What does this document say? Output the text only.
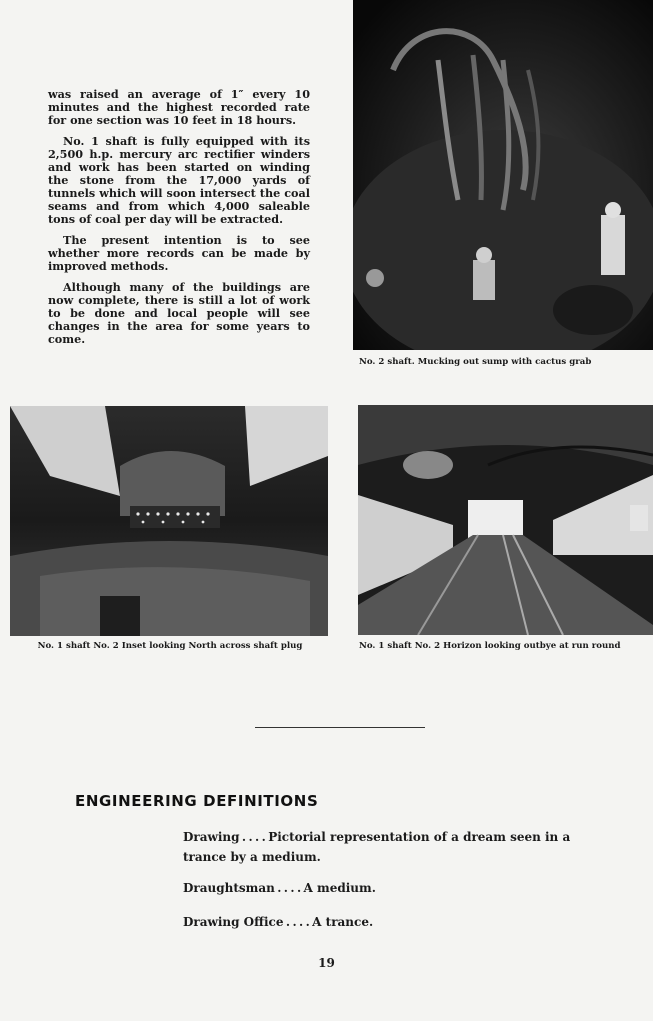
was raised an average of 1″ every 10 minutes and the highest recorded rate for one section was 10 feet in 18 hours.

No. 1 shaft is fully equipped with its 2,500 h.p. mercury arc rectifier winders and work has been started on winding the stone from the 17,000 yards of tunnels which will soon intersect the coal seams and from which 4,000 saleable tons of coal per day will be extracted.

The present intention is to see whether more records can be made by improved methods.

Although many of the buildings are now complete, there is still a lot of work to be done and local people will see changes in the area for some years to come.

No. 2 shaft. Mucking out sump with cactus grab
No. 1 shaft No. 2 Inset looking North across shaft plug	No. 1 shaft No. 2 Horizon looking outbye at run round
ENGINEERING DEFINITIONS
Drawing . . . . Pictorial representation of a dream seen in a trance by a medium.
Draughtsman . . . . A medium.
Drawing Office . . . . A trance.
19
